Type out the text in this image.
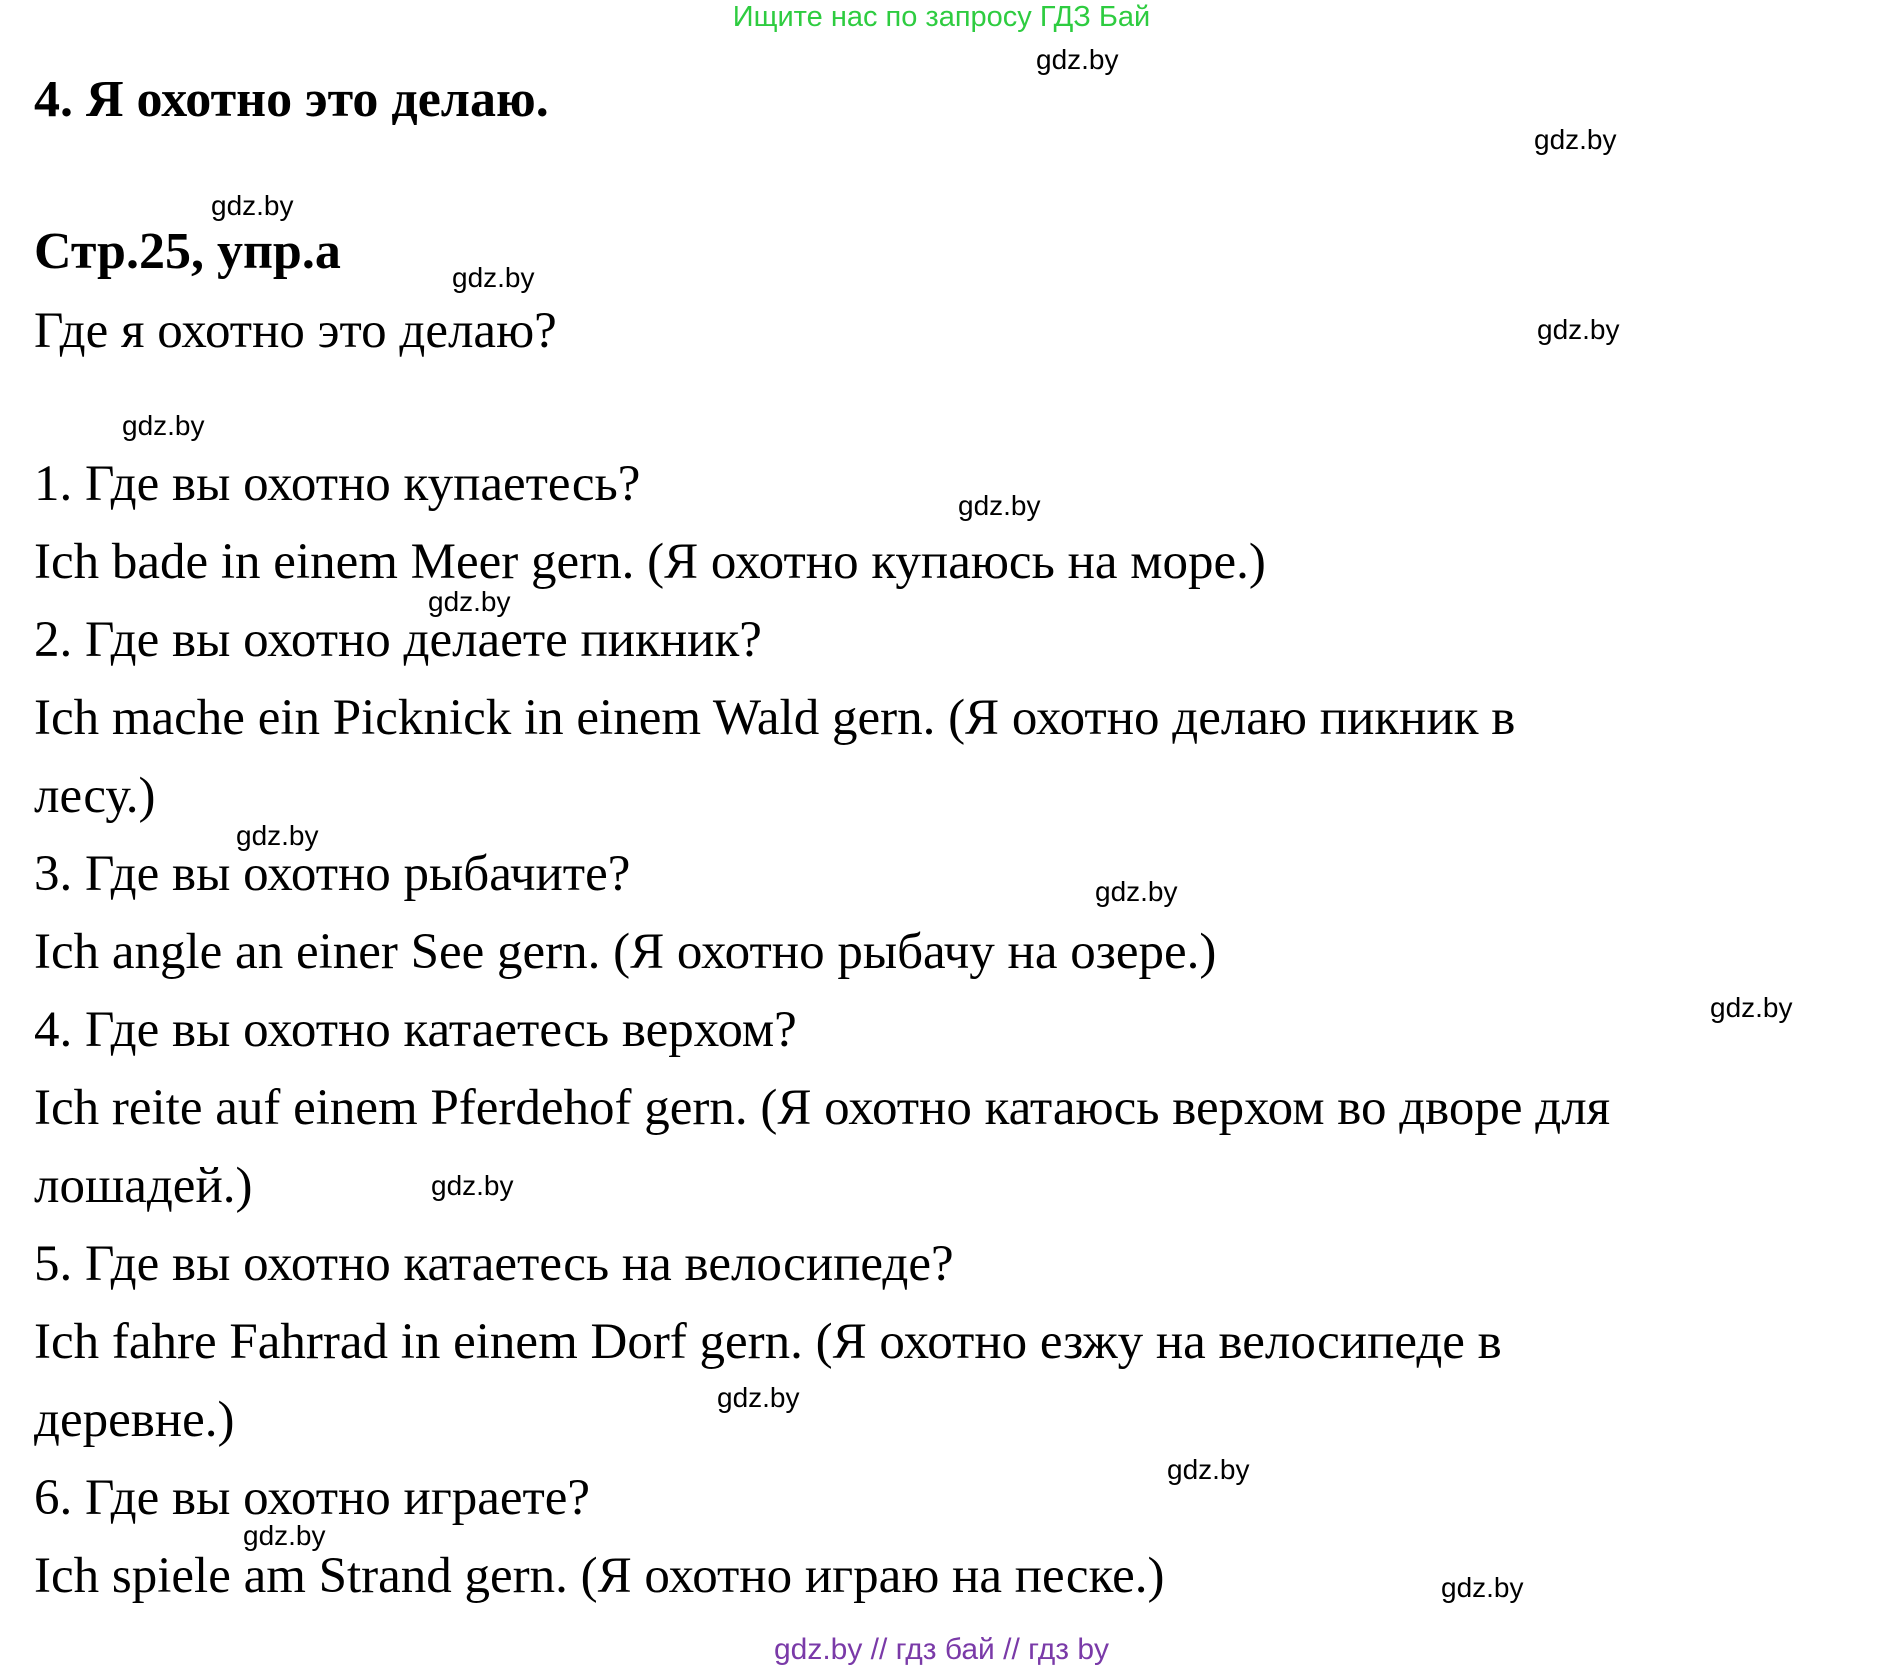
Ищите нас по запросу ГДЗ Бай
4. Я охотно это делаю.
Стр.25, упр.а
Где я охотно это делаю?
1. Где вы охотно купаетесь?
Ich bade in einem Meer gern. (Я охотно купаюсь на море.)
2. Где вы охотно делаете пикник?
Ich mache ein Picknick in einem Wald gern. (Я охотно делаю пикник в
лесу.)
3. Где вы охотно рыбачите?
Ich angle an einer See gern. (Я охотно рыбачу на озере.)
4. Где вы охотно катаетесь верхом?
Ich reite auf einem Pferdehof gern. (Я охотно катаюсь верхом во дворе для
лошадей.)
5. Где вы охотно катаетесь на велосипеде?
Ich fahre Fahrrad in einem Dorf gern. (Я охотно езжу на велосипеде в
деревне.)
6. Где вы охотно играете?
Ich spiele am Strand gern. (Я охотно играю на песке.)
gdz.by
gdz.by
gdz.by
gdz.by
gdz.by
gdz.by
gdz.by
gdz.by
gdz.by
gdz.by
gdz.by
gdz.by
gdz.by
gdz.by
gdz.by
gdz.by
gdz.by // гдз бай // гдз by
